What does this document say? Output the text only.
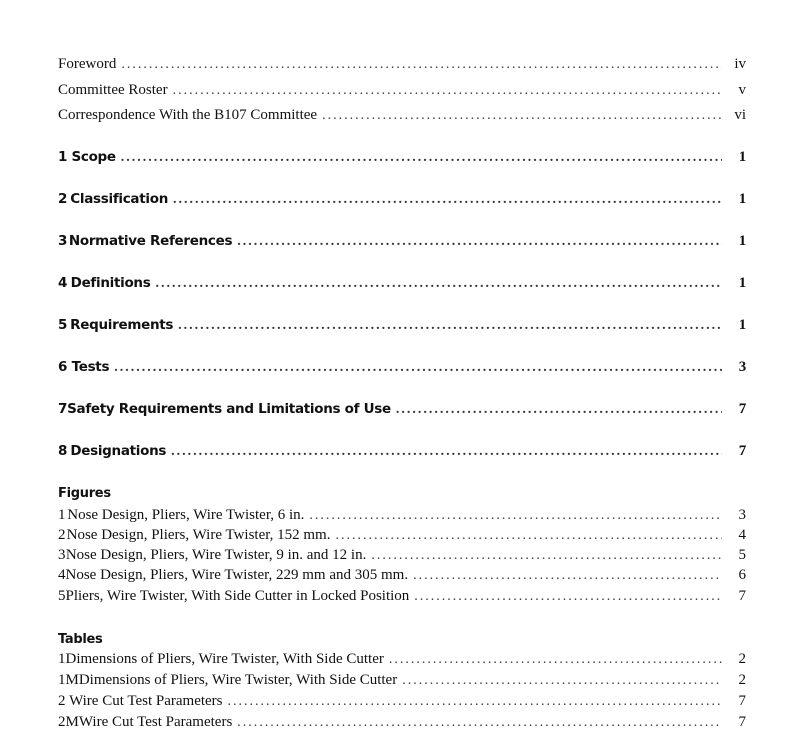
Foreword .....	iv
Committee Roster .....	v
Correspondence With the B107 Committee .....	vi
1 Scope .....	1
2 Classification .....	1
3 Normative References .....	1
4 Definitions .....	1
5 Requirements .....	1
6 Tests .....	3
7 Safety Requirements and Limitations of Use .....	7
8 Designations .....	7
Figures
1 Nose Design, Pliers, Wire Twister, 6 in. .....	3
2 Nose Design, Pliers, Wire Twister, 152 mm. .....	4
3 Nose Design, Pliers, Wire Twister, 9 in. and 12 in. .....	5
4 Nose Design, Pliers, Wire Twister, 229 mm and 305 mm. .....	6
5 Pliers, Wire Twister, With Side Cutter in Locked Position .....	7
Tables
1 Dimensions of Pliers, Wire Twister, With Side Cutter .....	2
1M Dimensions of Pliers, Wire Twister, With Side Cutter .....	2
2 Wire Cut Test Parameters .....	7
2M Wire Cut Test Parameters .....	7
